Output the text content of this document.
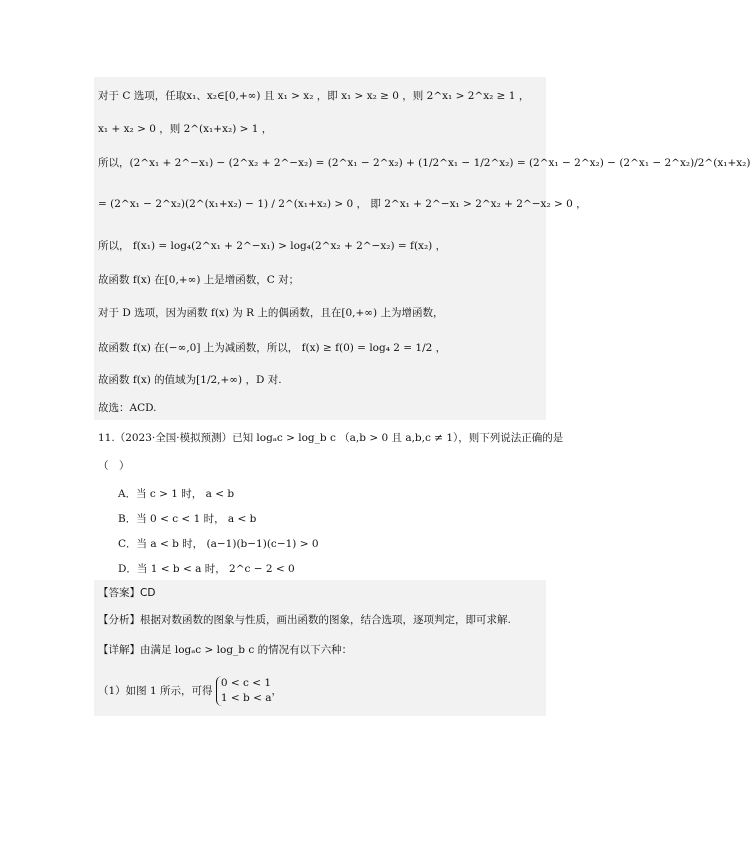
对于 C 选项，任取x₁、x₂∈[0,+∞) 且 x₁ > x₂ ，即 x₁ > x₂ ≥ 0 ，则 2^x₁ > 2^x₂ ≥ 1 ，
x₁ + x₂ > 0 ，则 2^(x₁+x₂) > 1 ，
所以，(2^x₁ + 2^−x₁) − (2^x₂ + 2^−x₂) = (2^x₁ − 2^x₂) + (1/2^x₁ − 1/2^x₂) = (2^x₁ − 2^x₂) − (2^x₁ − 2^x₂)/2^(x₁+x₂)
= (2^x₁ − 2^x₂)(2^(x₁+x₂) − 1) / 2^(x₁+x₂) > 0 ， 即 2^x₁ + 2^−x₁ > 2^x₂ + 2^−x₂ > 0 ，
所以， f(x₁) = log₄(2^x₁ + 2^−x₁) > log₄(2^x₂ + 2^−x₂) = f(x₂) ，
故函数 f(x) 在[0,+∞) 上是增函数，C 对；
对于 D 选项，因为函数 f(x) 为 R 上的偶函数，且在[0,+∞) 上为增函数，
故函数 f(x) 在(−∞,0] 上为减函数，所以， f(x) ≥ f(0) = log₄ 2 = 1/2 ，
故函数 f(x) 的值域为[1/2,+∞) ，D 对.
故选：ACD.
11.（2023·全国·模拟预测）已知 logₐc > log_b c （a,b > 0 且 a,b,c ≠ 1），则下列说法正确的是
（　）
A．当 c > 1 时， a < b
B．当 0 < c < 1 时， a < b
C．当 a < b 时， (a−1)(b−1)(c−1) > 0
D．当 1 < b < a 时， 2^c − 2 < 0
【答案】CD
【分析】根据对数函数的图象与性质，画出函数的图象，结合选项，逐项判定，即可求解.
【详解】由满足 logₐc > log_b c 的情况有以下六种：
（1）如图 1 所示，可得
0 < c < 1
1 < b < a
，
